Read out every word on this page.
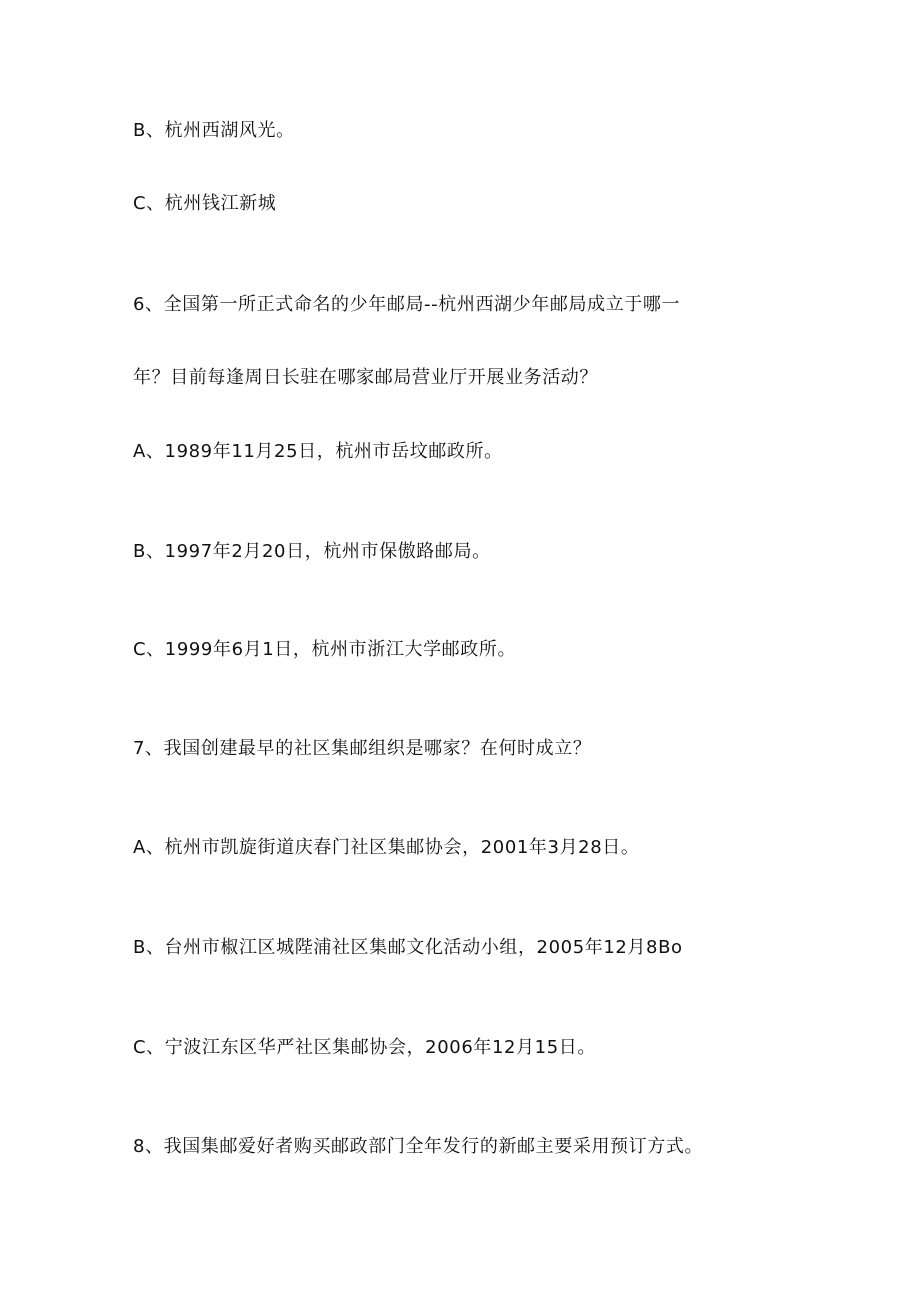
B、杭州西湖风光。

C、杭州钱江新城

6、全国第一所正式命名的少年邮局--杭州西湖少年邮局成立于哪一

年？目前每逢周日长驻在哪家邮局营业厅开展业务活动？

A、1989年11月25日，杭州市岳坟邮政所。

B、1997年2月20日，杭州市保傲路邮局。

C、1999年6月1日，杭州市浙江大学邮政所。

7、我国创建最早的社区集邮组织是哪家？在何时成立？

A、杭州市凯旋街道庆春门社区集邮协会，2001年3月28日。

B、台州市椒江区城陛浦社区集邮文化活动小组，2005年12月8Bo

C、宁波江东区华严社区集邮协会，2006年12月15日。

8、我国集邮爱好者购买邮政部门全年发行的新邮主要采用预订方式。
